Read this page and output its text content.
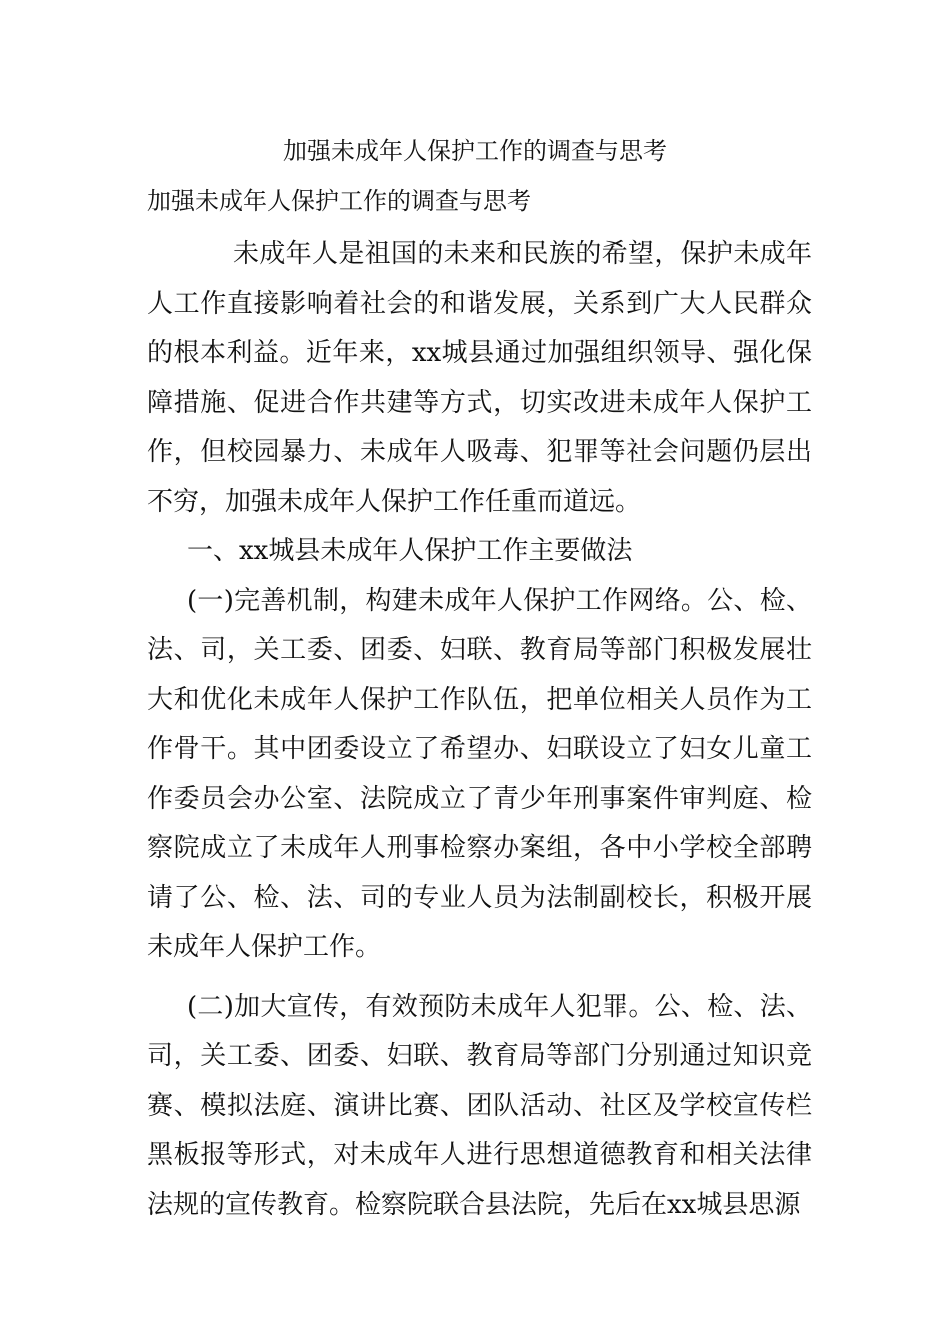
加强未成年人保护工作的调查与思考
加强未成年人保护工作的调查与思考

未成年人是祖国的未来和民族的希望，保护未成年人工作直接影响着社会的和谐发展，关系到广大人民群众的根本利益。近年来，xx城县通过加强组织领导、强化保障措施、促进合作共建等方式，切实改进未成年人保护工作，但校园暴力、未成年人吸毒、犯罪等社会问题仍层出不穷，加强未成年人保护工作任重而道远。

一、xx城县未成年人保护工作主要做法

(一)完善机制，构建未成年人保护工作网络。公、检、法、司，关工委、团委、妇联、教育局等部门积极发展壮大和优化未成年人保护工作队伍，把单位相关人员作为工作骨干。其中团委设立了希望办、妇联设立了妇女儿童工作委员会办公室、法院成立了青少年刑事案件审判庭、检察院成立了未成年人刑事检察办案组，各中小学校全部聘请了公、检、法、司的专业人员为法制副校长，积极开展未成年人保护工作。

(二)加大宣传，有效预防未成年人犯罪。公、检、法、司，关工委、团委、妇联、教育局等部门分别通过知识竞赛、模拟法庭、演讲比赛、团队活动、社区及学校宣传栏黑板报等形式，对未成年人进行思想道德教育和相关法律法规的宣传教育。检察院联合县法院，先后在xx城县思源
